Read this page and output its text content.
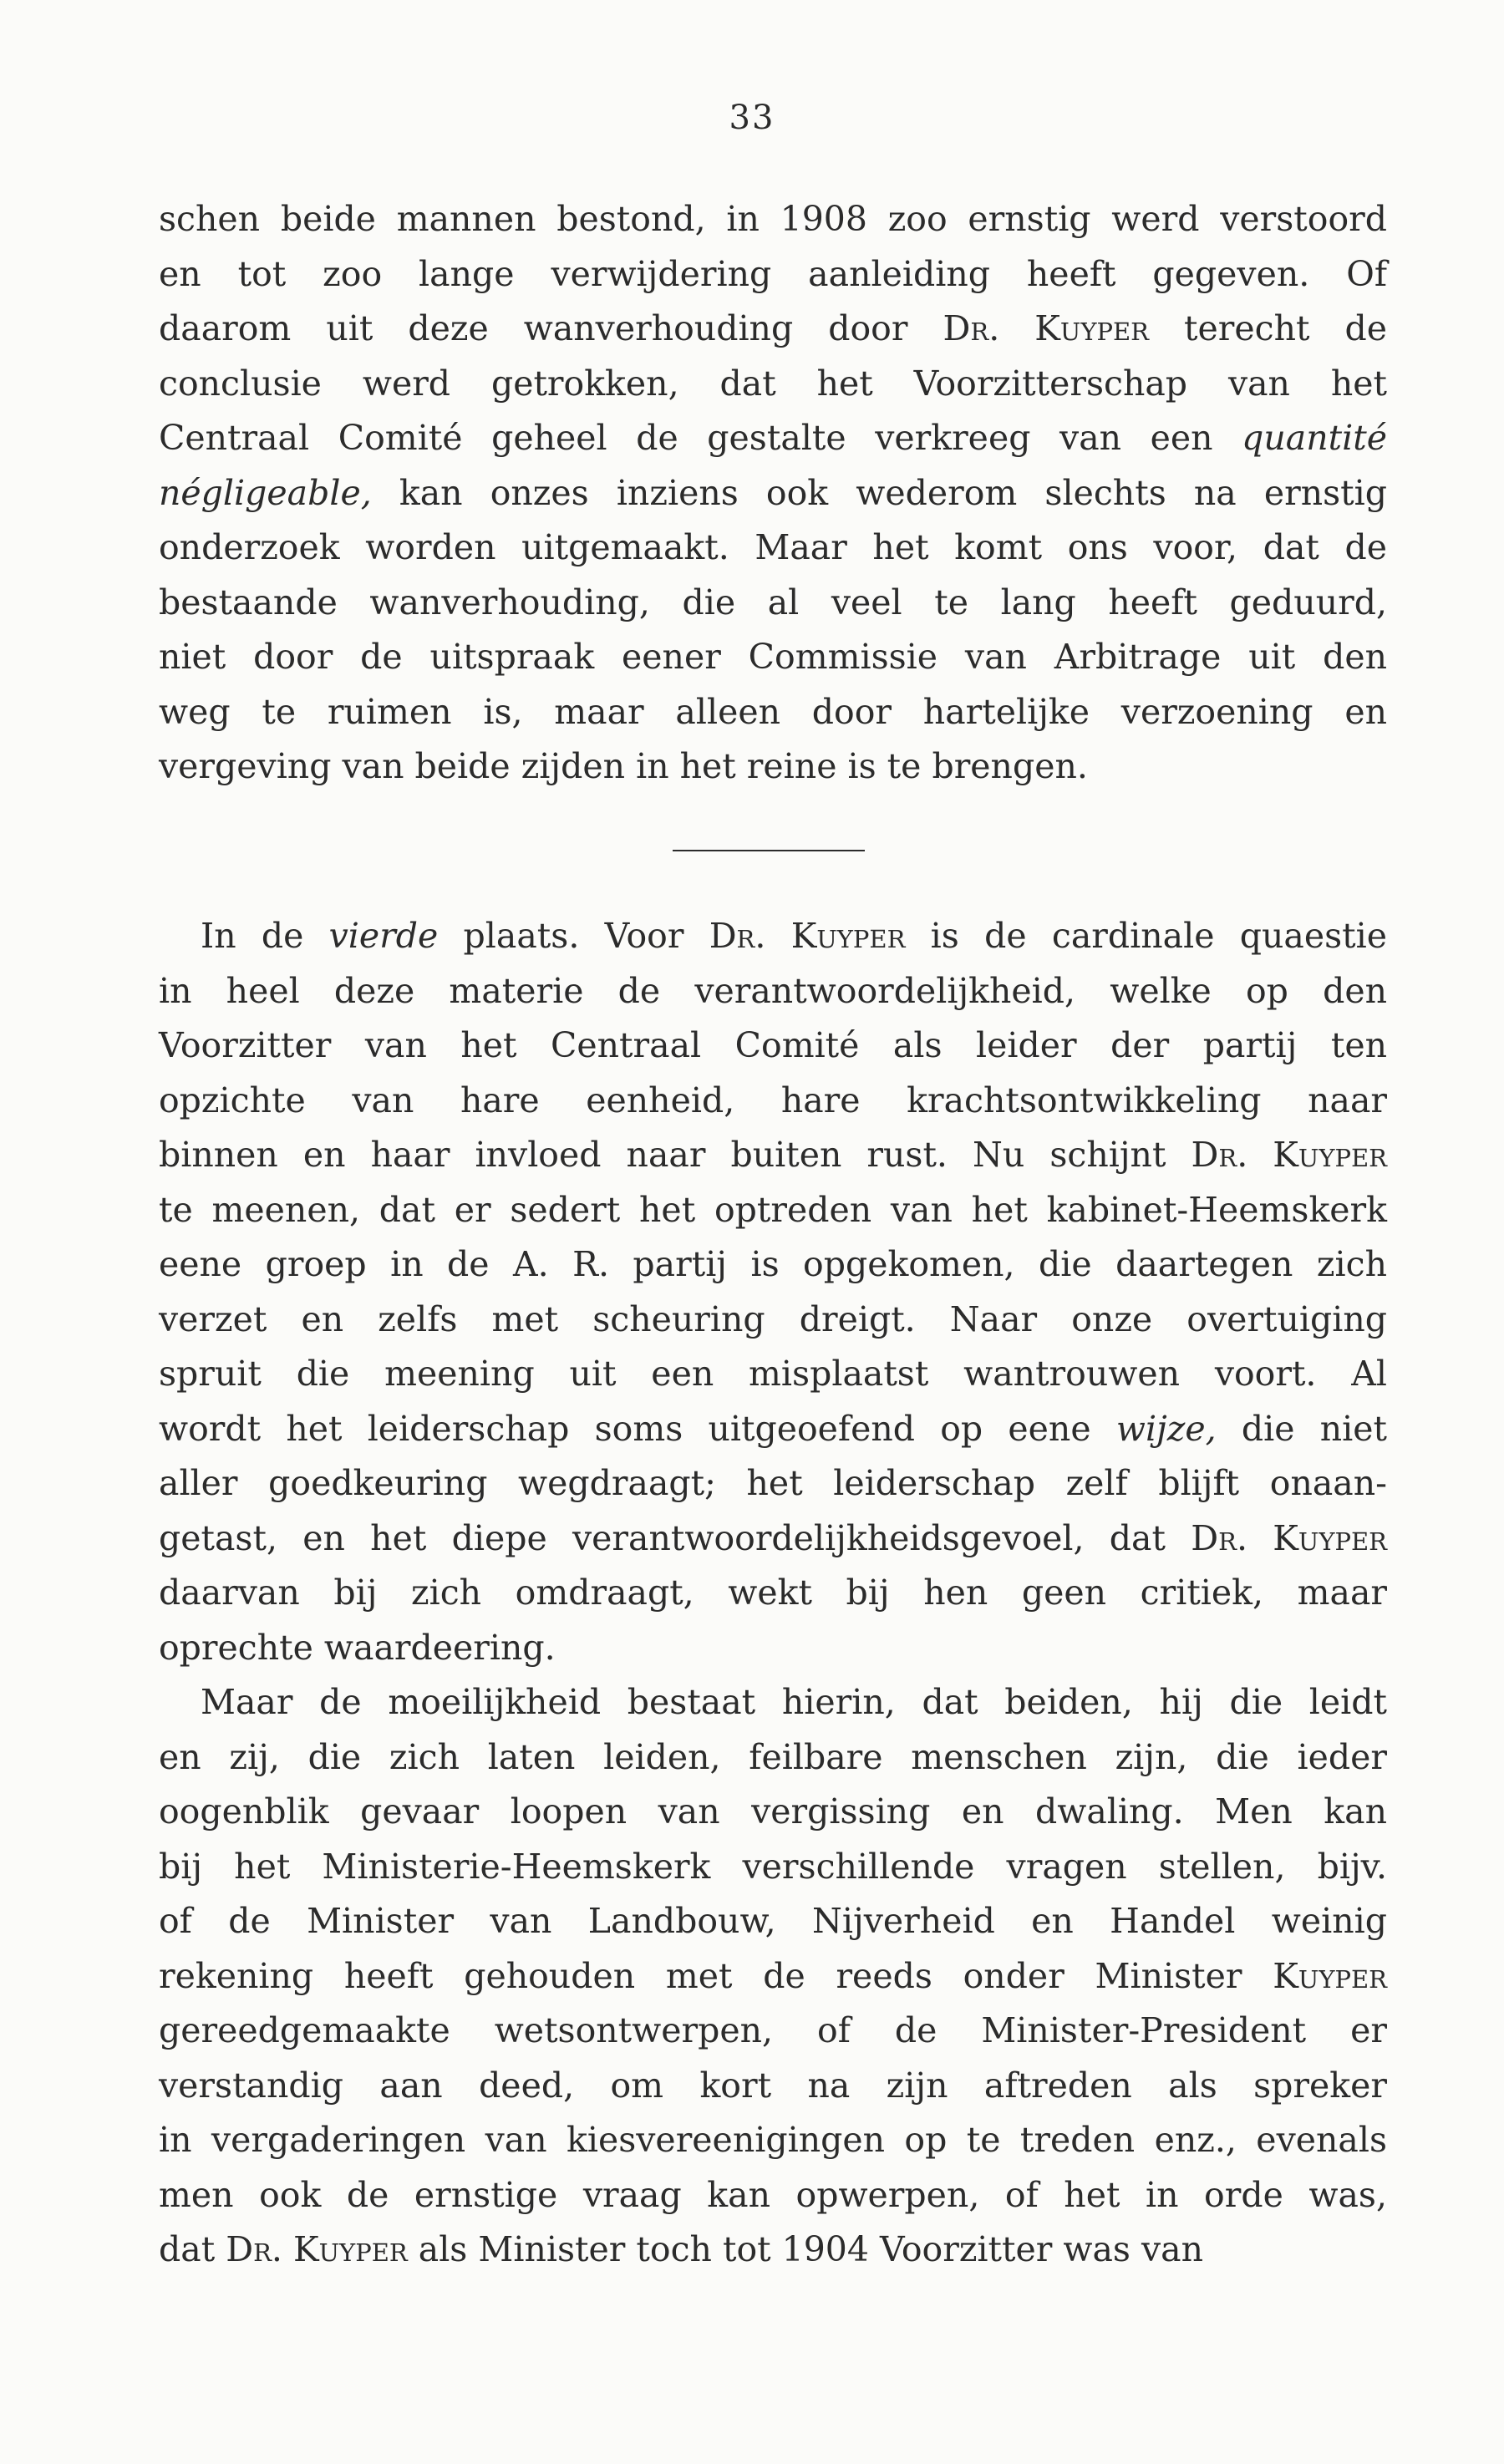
33
schen beide mannen bestond, in 1908 zoo ernstig werd verstoord
en tot zoo lange verwijdering aanleiding heeft gegeven. Of
daarom uit deze wanverhouding door Dr. Kuyper terecht de
conclusie werd getrokken, dat het Voorzitterschap van het
Centraal Comité geheel de gestalte verkreeg van een quantité
négligeable, kan onzes inziens ook wederom slechts na ernstig
onderzoek worden uitgemaakt. Maar het komt ons voor, dat de
bestaande wanverhouding, die al veel te lang heeft geduurd,
niet door de uitspraak eener Commissie van Arbitrage uit den
weg te ruimen is, maar alleen door hartelijke verzoening en
vergeving van beide zijden in het reine is te brengen.
In de vierde plaats. Voor Dr. Kuyper is de cardinale quaestie
in heel deze materie de verantwoordelijkheid, welke op den
Voorzitter van het Centraal Comité als leider der partij ten
opzichte van hare eenheid, hare krachtsontwikkeling naar
binnen en haar invloed naar buiten rust. Nu schijnt Dr. Kuyper
te meenen, dat er sedert het optreden van het kabinet-Heemskerk
eene groep in de A. R. partij is opgekomen, die daartegen zich
verzet en zelfs met scheuring dreigt. Naar onze overtuiging
spruit die meening uit een misplaatst wantrouwen voort. Al
wordt het leiderschap soms uitgeoefend op eene wijze, die niet
aller goedkeuring wegdraagt; het leiderschap zelf blijft onaan-
getast, en het diepe verantwoordelijkheidsgevoel, dat Dr. Kuyper
daarvan bij zich omdraagt, wekt bij hen geen critiek, maar
oprechte waardeering.
Maar de moeilijkheid bestaat hierin, dat beiden, hij die leidt
en zij, die zich laten leiden, feilbare menschen zijn, die ieder
oogenblik gevaar loopen van vergissing en dwaling. Men kan
bij het Ministerie-Heemskerk verschillende vragen stellen, bijv.
of de Minister van Landbouw, Nijverheid en Handel weinig
rekening heeft gehouden met de reeds onder Minister Kuyper
gereedgemaakte wetsontwerpen, of de Minister-President er
verstandig aan deed, om kort na zijn aftreden als spreker
in vergaderingen van kiesvereenigingen op te treden enz., evenals
men ook de ernstige vraag kan opwerpen, of het in orde was,
dat Dr. Kuyper als Minister toch tot 1904 Voorzitter was van
